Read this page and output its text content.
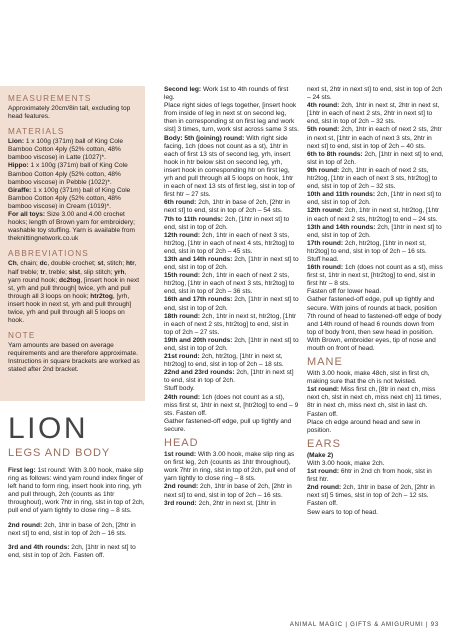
MEASUREMENTS

Approximately 20cm/8in tall, excluding top head features.

MATERIALS

Lion: 1 x 100g (371m) ball of King Cole Bamboo Cotton 4ply (52% cotton, 48% bamboo viscose) in Latte (1027)*.

Hippo: 1 x 100g (371m) ball of King Cole Bamboo Cotton 4ply (52% cotton, 48% bamboo viscose) in Pebble (1022)*.

Giraffe: 1 x 100g (371m) ball of King Cole Bamboo Cotton 4ply (52% cotton, 48% bamboo viscose) in Cream (1019)*.

For all toys: Size 3.00 and 4.00 crochet hooks; length of Brown yarn for embroidery; washable toy stuffing. Yarn is available from theknittingnetwork.co.uk

ABBREVIATIONS

Ch, chain; dc, double crochet; st, stitch; htr, half treble; tr, treble; slst, slip stitch; yrh, yarn round hook; dc2tog, [insert hook in next st, yrh and pull through] twice, yrh and pull through all 3 loops on hook; htr2tog, [yrh, insert hook in next st, yrh and pull through] twice, yrh and pull through all 5 loops on hook.

NOTE

Yarn amounts are based on average requirements and are therefore approximate. Instructions in square brackets are worked as stated after 2nd bracket.

LION
LEGS AND BODY

First leg: 1st round: With 3.00 hook, make slip ring as follows: wind yarn round index finger of left hand to form ring, insert hook into ring, yrh and pull through, 2ch (counts as 1htr throughout), work 7htr in ring, slst in top of 2ch, pull end of yarn tightly to close ring – 8 sts.

2nd round: 2ch, 1htr in base of 2ch, [2htr in next st] to end, slst in top of 2ch – 16 sts.

3rd and 4th rounds: 2ch, [1htr in next st] to end, slst in top of 2ch. Fasten off.

Second leg: Work 1st to 4th rounds of first leg.

Place right sides of legs together, [insert hook from inside of leg in next st on second leg, then in corresponding st on first leg and work slst] 3 times, turn, work slst across same 3 sts.

Body: 5th (joining) round: With right side facing, 1ch (does not count as a st), 1htr in each of first 13 sts of second leg, yrh, insert hook in htr below slst on second leg, yrh, insert hook in corresponding htr on first leg, yrh and pull through all 5 loops on hook, 1htr in each of next 13 sts of first leg, slst in top of first htr – 27 sts.

6th round: 2ch, 1htr in base of 2ch, [2htr in next st] to end, slst in top of 2ch – 54 sts.

7th to 11th rounds: 2ch, [1htr in next st] to end, slst in top of 2ch.

12th round: 2ch, 1htr in each of next 3 sts, htr2tog, [1htr in each of next 4 sts, htr2tog] to end, slst in top of 2ch – 45 sts.

13th and 14th rounds: 2ch, [1htr in next st] to end, slst in top of 2ch.

15th round: 2ch, 1htr in each of next 2 sts, htr2tog, [1htr in each of next 3 sts, htr2tog] to end, slst in top of 2ch – 36 sts.

16th and 17th rounds: 2ch, [1htr in next st] to end, slst in top of 2ch.

18th round: 2ch, 1htr in next st, htr2tog, [1htr in each of next 2 sts, htr2tog] to end, slst in top of 2ch – 27 sts.

19th and 20th rounds: 2ch, [1htr in next st] to end, slst in top of 2ch.

21st round: 2ch, htr2tog, [1htr in next st, htr2tog] to end, slst in top of 2ch – 18 sts.

22nd and 23rd rounds: 2ch, [1htr in next st] to end, slst in top of 2ch.

Stuff body.

24th round: 1ch (does not count as a st), miss first st, 1htr in next st, [htr2tog] to end – 9 sts. Fasten off.

Gather fastened-off edge, pull up tightly and secure.

HEAD

1st round: With 3.00 hook, make slip ring as on first leg, 2ch (counts as 1htr throughout), work 7htr in ring, slst in top of 2ch, pull end of yarn tightly to close ring – 8 sts.

2nd round: 2ch, 1htr in base of 2ch, [2htr in next st] to end, slst in top of 2ch – 16 sts.

3rd round: 2ch, 2htr in next st, [1htr in

next st, 2htr in next st] to end, slst in top of 2ch – 24 sts.

4th round: 2ch, 1htr in next st, 2htr in next st, [1htr in each of next 2 sts, 2htr in next st] to end, slst in top of 2ch – 32 sts.

5th round: 2ch, 1htr in each of next 2 sts, 2htr in next st, [1htr in each of next 3 sts, 2htr in next st] to end, slst in top of 2ch – 40 sts.

6th to 8th rounds: 2ch, [1htr in next st] to end, slst in top of 2ch.

9th round: 2ch, 1htr in each of next 2 sts, htr2tog, [1htr in each of next 3 sts, htr2tog] to end, slst in top of 2ch – 32 sts.

10th and 11th rounds: 2ch, [1htr in next st] to end, slst in top of 2ch.

12th round: 2ch, 1htr in next st, htr2tog, [1htr in each of next 2 sts, htr2tog] to end – 24 sts.

13th and 14th rounds: 2ch, [1htr in next st] to end, slst in top of 2ch.

17th round: 2ch, htr2tog, [1htr in next st, htr2tog] to end, slst in top of 2ch – 16 sts.

Stuff head.

16th round: 1ch (does not count as a st), miss first st, 1htr in next st, [htr2tog] to end, slst in first htr – 8 sts.

Fasten off for lower head.

Gather fastened-off edge, pull up tightly and secure. With joins of rounds at back, position 7th round of head to fastened-off edge of body and 14th round of head 6 rounds down from top of body front, then sew head in position.

With Brown, embroider eyes, tip of nose and mouth on front of head.

MANE

With 3.00 hook, make 48ch, slst in first ch, making sure that the ch is not twisted.

1st round: Miss first ch, [8tr in next ch, miss next ch, slst in next ch, miss next ch] 11 times, 8tr in next ch, miss next ch, slst in last ch. Fasten off.

Place ch edge around head and sew in position.

EARS

(Make 2)

With 3.00 hook, make 2ch.

1st round: 6htr in 2nd ch from hook, slst in first htr.

2nd round: 2ch, 1htr in base of 2ch, [2htr in next st] 5 times, slst in top of 2ch – 12 sts. Fasten off.

Sew ears to top of head.

ANIMAL MAGIC | GIFTS & AMIGURUMI | 93
